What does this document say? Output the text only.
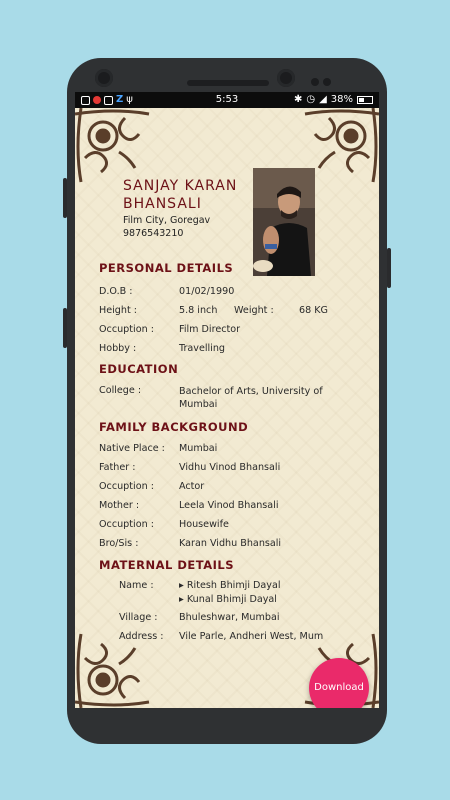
Z ψ	5:53	✱ ◷ ◢ 38%
SANJAY KARAN
BHANSALI
Film City, Goregav
9876543210
PERSONAL DETAILS
D.O.B :	01/02/1990
Height :	5.8 inch Weight :	68 KG
Occuption :	Film Director
Hobby :	Travelling
EDUCATION
College :	Bachelor of Arts, University of
Mumbai
FAMILY BACKGROUND
Native Place : Mumbai
Father :	Vidhu Vinod Bhansali
Occuption :	Actor
Mother :	Leela Vinod Bhansali
Occuption :	Housewife
Bro/Sis :	Karan Vidhu Bhansali
MATERNAL DETAILS
Name :	▸ Ritesh Bhimji Dayal
▸ Kunal Bhimji Dayal
Village : Bhuleshwar, Mumbai
Address : Vile Parle, Andheri West, Mum
Download
